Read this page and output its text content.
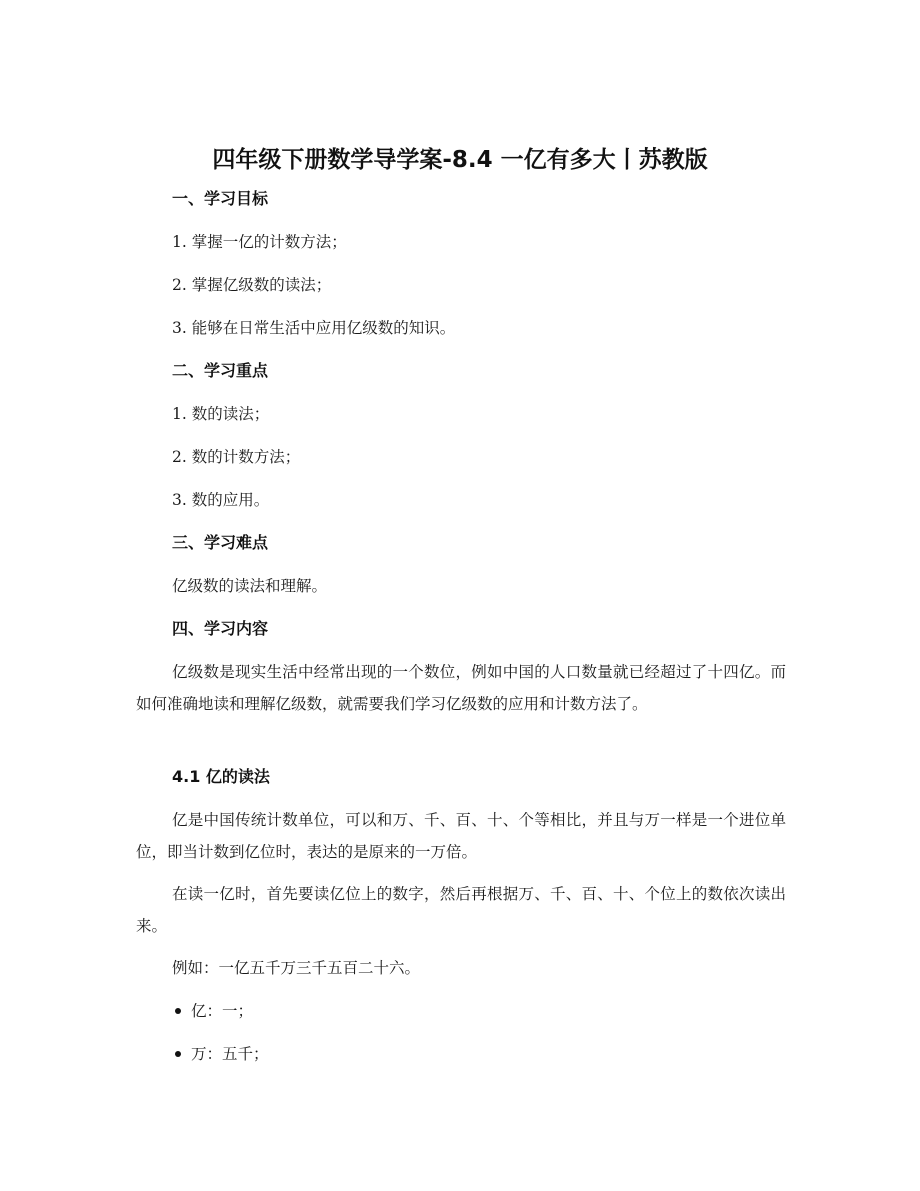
四年级下册数学导学案-8.4 一亿有多大丨苏教版
一、学习目标
1. 掌握一亿的计数方法；
2. 掌握亿级数的读法；
3. 能够在日常生活中应用亿级数的知识。
二、学习重点
1. 数的读法；
2. 数的计数方法；
3. 数的应用。
三、学习难点
亿级数的读法和理解。
四、学习内容
亿级数是现实生活中经常出现的一个数位，例如中国的人口数量就已经超过了十四亿。而如何准确地读和理解亿级数，就需要我们学习亿级数的应用和计数方法了。
4.1 亿的读法
亿是中国传统计数单位，可以和万、千、百、十、个等相比，并且与万一样是一个进位单位，即当计数到亿位时，表达的是原来的一万倍。
在读一亿时，首先要读亿位上的数字，然后再根据万、千、百、十、个位上的数依次读出来。
例如：一亿五千万三千五百二十六。
亿：一；
万：五千；
